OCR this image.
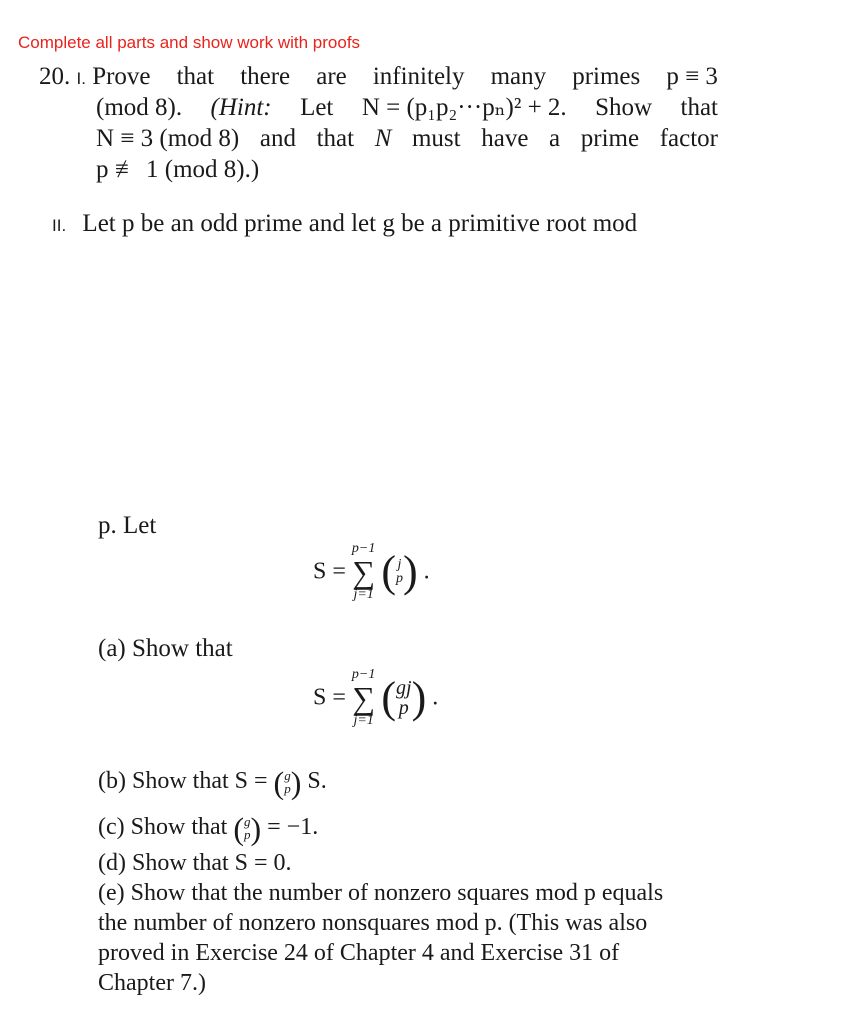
Complete all parts and show work with proofs
20. I. Prove that there are infinitely many primes p ≡ 3
(mod 8). (Hint: Let N = (p₁p₂···pₙ)² + 2. Show that
N ≡ 3 (mod 8) and that N must have a prime factor
p ≢ 1 (mod 8).)
II. Let p be an odd prime and let g be a primitive root mod
p. Let
S =
p−1
∑
j=1 ( j
p ) .
(a) Show that
S =
p−1
∑
j=1 ( gj
p ) .
(b) Show that S = ( g
p ) S.
(c) Show that ( g
p ) = −1.
(d) Show that S = 0.
(e) Show that the number of nonzero squares mod p equals
the number of nonzero nonsquares mod p. (This was also
proved in Exercise 24 of Chapter 4 and Exercise 31 of
Chapter 7.)
